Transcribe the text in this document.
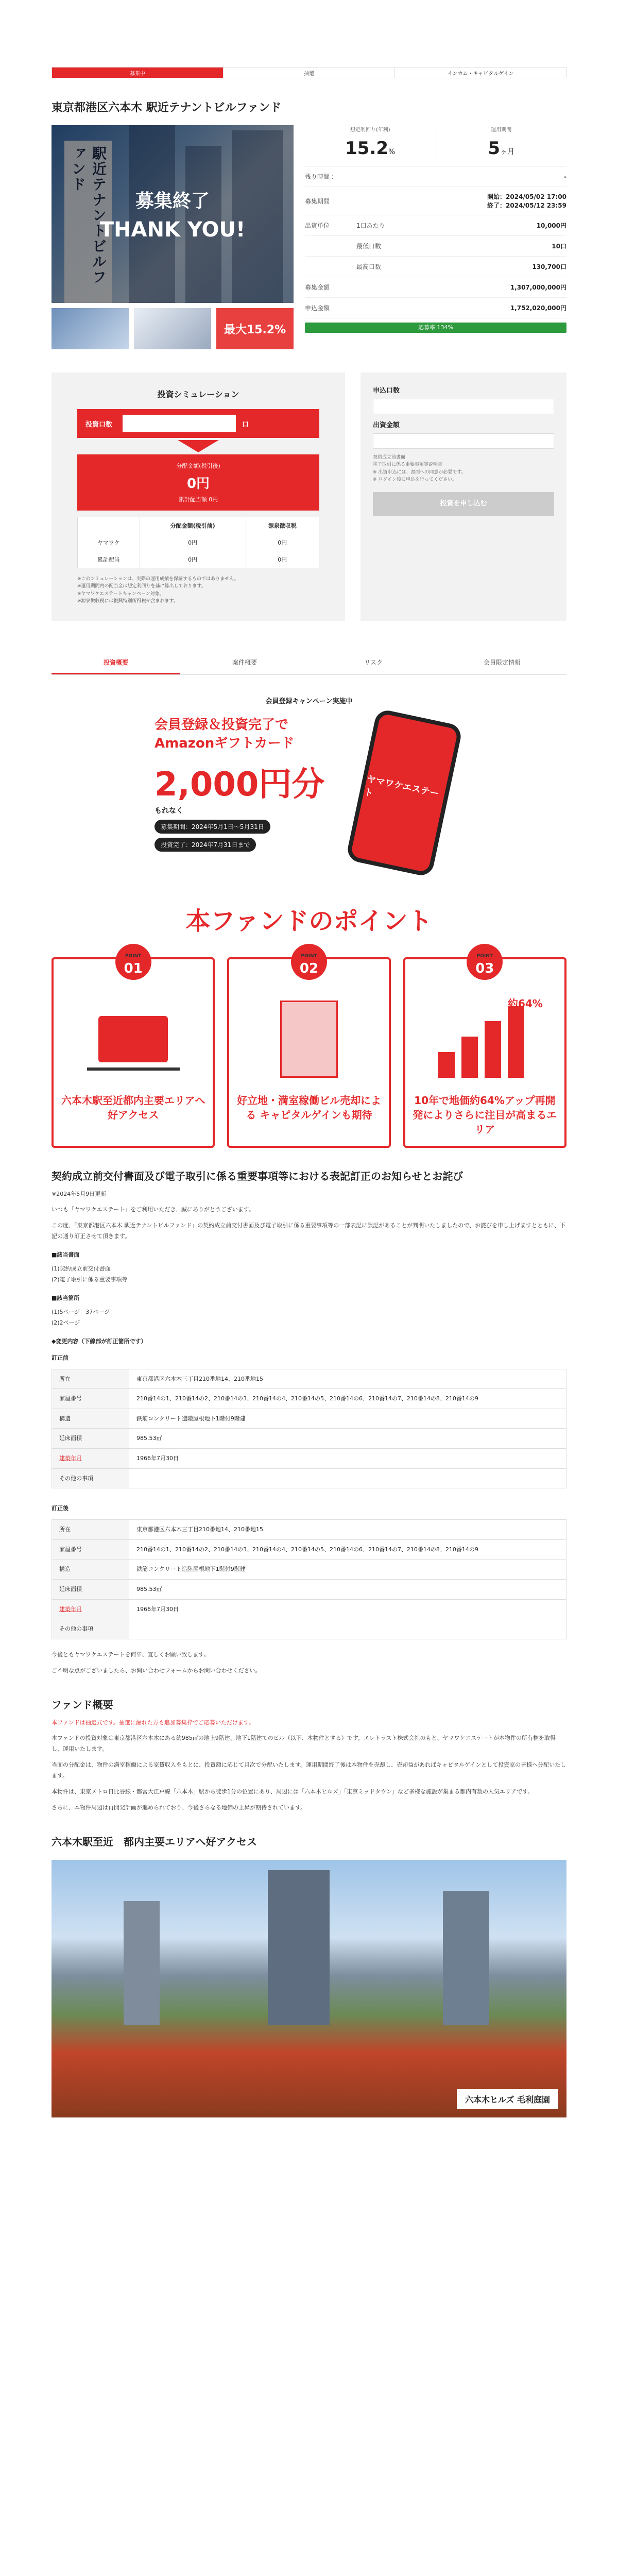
募集中	抽選	インカム・キャピタルゲイン
東京都港区六本木 駅近テナントビルファンド
駅近テナントビルファンド
募集終了
THANK YOU!
最大15.2%
想定利回り(年利)
15.2%
運用期間
5ヶ月
残り時間 :	-
募集期間
開始：2024/05/02 17:00
終了：2024/05/12 23:59
出資単位	1口あたり	10,000円
最低口数	10口
最高口数	130,700口
募集金額	1,307,000,000円
申込金額	1,752,020,000円
応募率 134%
投資シミュレーション
投資口数	口
分配金額(税引後)
0円
累計配当額 0円
	分配金額(税引前)	源泉徴収税
ヤマワケ	0円	0円
累計配当	0円	0円
※このシミュレーションは、実際の運用成績を保証するものではありません。
※運用期間内の配当金は想定利回りを基に算出しております。
※ヤマワケエステートキャンペーン対象。
※源泉徴収税には復興特別所得税が含まれます。
申込口数
出資金額
契約成立前書面
電子取引に係る重要事項等説明書
※ 出資申込には、書面への同意が必要です。
※ ログイン後に申込を行ってください。
投資を申し込む
投資概要	案件概要	リスク	会員限定情報
会員登録キャンペーン実施中
会員登録＆投資完了でAmazonギフトカード
2,000円分
もれなく
募集期間：2024年5月1日～5月31日
投資完了：2024年7月31日まで
ヤマワケエステート
本ファンドのポイント
POINT
01
六本木駅至近都内主要エリアへ好アクセス
POINT
02
好立地・満室稼働ビル売却による キャピタルゲインも期待
POINT
03
約64%
10年で地価約64%アップ再開発によりさらに注目が高まるエリア
契約成立前交付書面及び電子取引に係る重要事項等における表記訂正のお知らせとお詫び
※2024年5月9日更新
いつも「ヤマワケエステート」をご利用いただき、誠にありがとうございます。
この度、「東京都港区六本木 駅近テナントビルファンド」の契約成立前交付書面及び電子取引に係る重要事項等の一部表記に誤記があることが判明いたしましたので、お詫びを申し上げますとともに、下記の通り訂正させて頂きます。
■該当書面
(1)契約成立前交付書面
(2)電子取引に係る重要事項等
■該当箇所
(1)5ページ　37ページ
(2)2ページ
◆変更内容（下線部が訂正箇所です）
訂正前
所在	東京都港区六本木三丁目210番地14、210番地15
家屋番号	210番14の1、210番14の2、210番14の3、210番14の4、210番14の5、210番14の6、210番14の7、210番14の8、210番14の9
構造	鉄筋コンクリート造陸屋根地下1階付9階建
延床面積	985.53㎡
建築年月	1966年7月30日
その他の事項	
訂正後
所在	東京都港区六本木三丁目210番地14、210番地15
家屋番号	210番14の1、210番14の2、210番14の3、210番14の4、210番14の5、210番14の6、210番14の7、210番14の8、210番14の9
構造	鉄筋コンクリート造陸屋根地下1階付9階建
延床面積	985.53㎡
建築年月	1966年7月30日
その他の事項	
今後ともヤマワケエステートを何卒、宜しくお願い致します。
ご不明な点がございましたら、お問い合わせフォームからお問い合わせください。
ファンド概要
本ファンドは抽選式です。抽選に漏れた方も追加募集枠でご応募いただけます。
本ファンドの投資対象は東京都港区六本木にある約985㎡の地上9階建、地下1階建てのビル（以下、本物件とする）です。エレトラスト株式会社のもと、ヤマワケエステートが本物件の所有権を取得し、運用いたします。
当面の分配金は、物件の満室稼働による家賃収入をもとに、投資額に応じて月次で分配いたします。運用期間終了後は本物件を売却し、売却益があればキャピタルゲインとして投資家の皆様へ分配いたします。
本物件は、東京メトロ日比谷線・都営大江戸線「六本木」駅から徒歩1分の位置にあり、周辺には「六本木ヒルズ」「東京ミッドタウン」など多様な施設が集まる都内有数の人気エリアです。
さらに、本物件周辺は再開発計画が進められており、今後さらなる地価の上昇が期待されています。
六本木駅至近　都内主要エリアへ好アクセス
六本木ヒルズ 毛利庭園
